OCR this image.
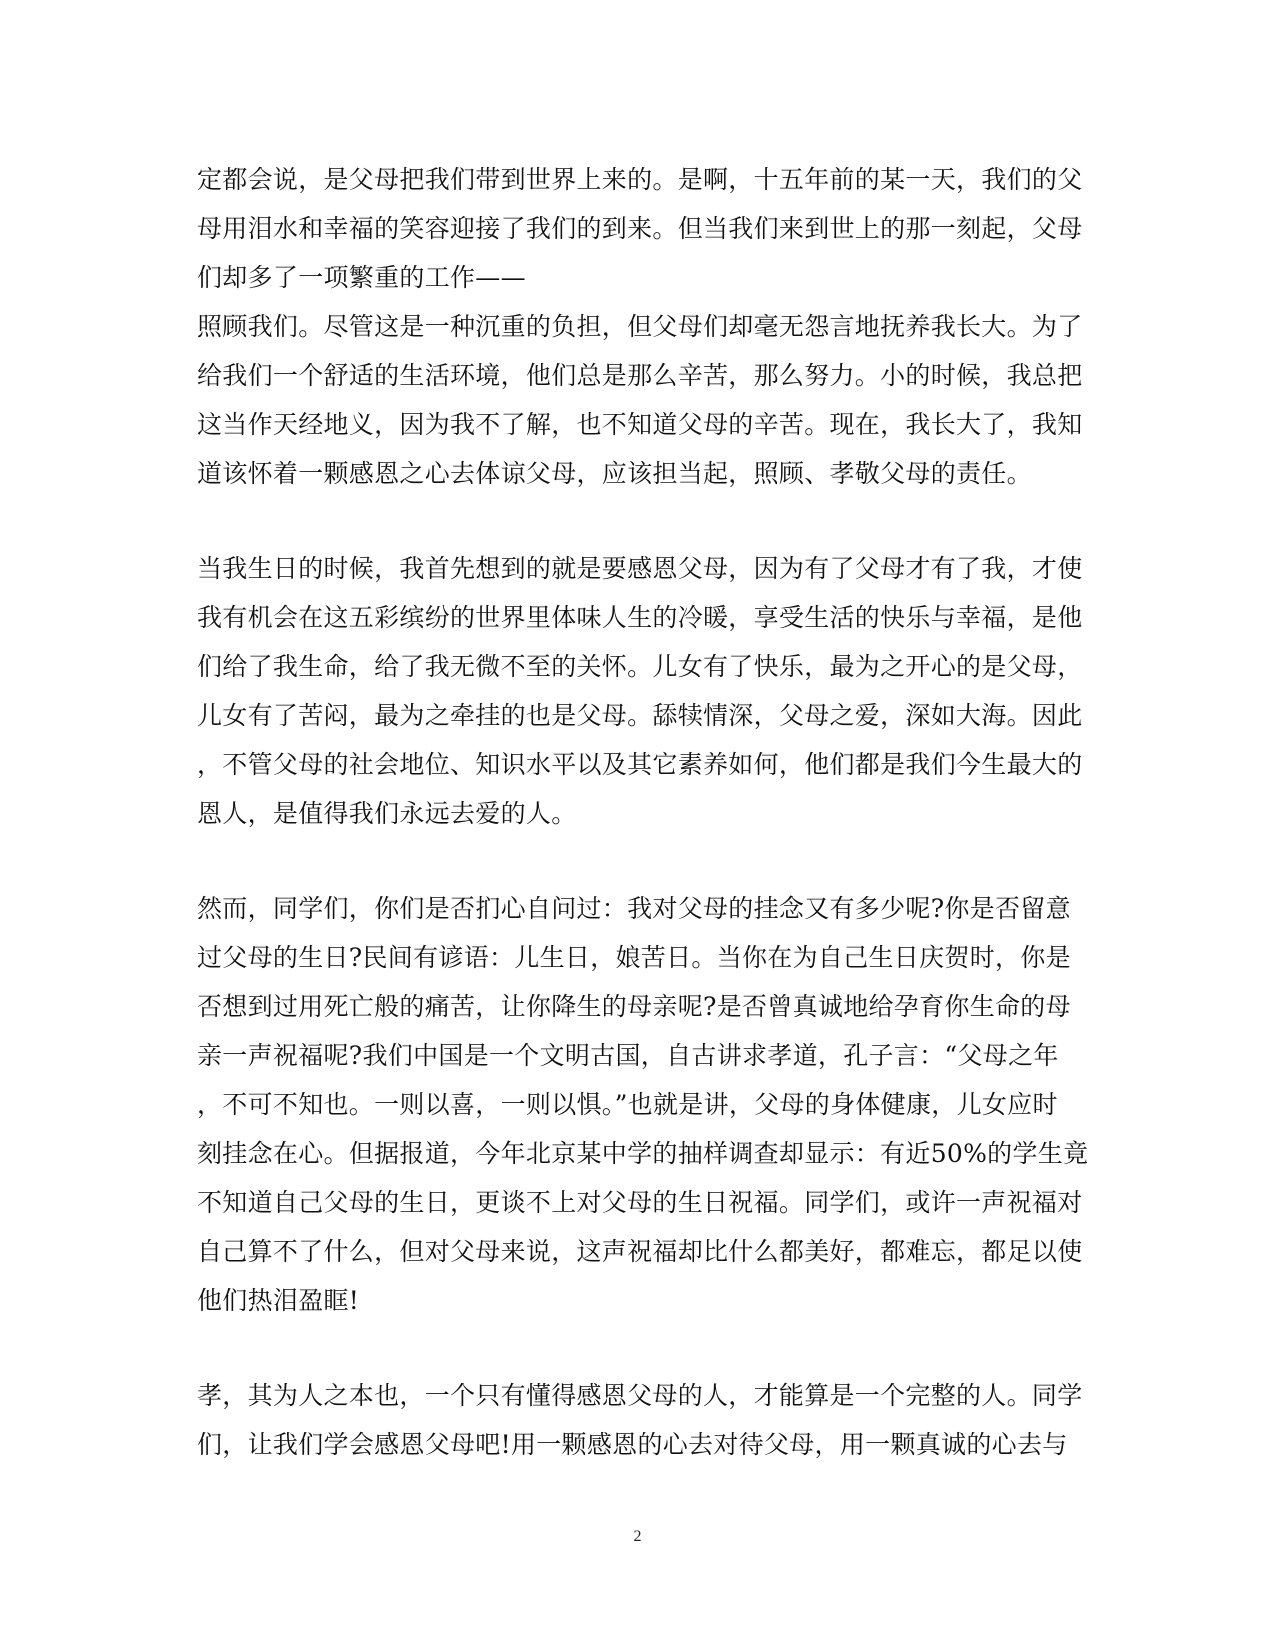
定都会说，是父母把我们带到世界上来的。是啊，十五年前的某一天，我们的父
母用泪水和幸福的笑容迎接了我们的到来。但当我们来到世上的那一刻起，父母
们却多了一项繁重的工作——
照顾我们。尽管这是一种沉重的负担，但父母们却毫无怨言地抚养我长大。为了
给我们一个舒适的生活环境，他们总是那么辛苦，那么努力。小的时候，我总把
这当作天经地义，因为我不了解，也不知道父母的辛苦。现在，我长大了，我知
道该怀着一颗感恩之心去体谅父母，应该担当起，照顾、孝敬父母的责任。
当我生日的时候，我首先想到的就是要感恩父母，因为有了父母才有了我，才使
我有机会在这五彩缤纷的世界里体味人生的冷暖，享受生活的快乐与幸福，是他
们给了我生命，给了我无微不至的关怀。儿女有了快乐，最为之开心的是父母，
儿女有了苦闷，最为之牵挂的也是父母。舔犊情深，父母之爱，深如大海。因此
，不管父母的社会地位、知识水平以及其它素养如何，他们都是我们今生最大的
恩人，是值得我们永远去爱的人。
然而，同学们，你们是否扪心自问过：我对父母的挂念又有多少呢?你是否留意
过父母的生日?民间有谚语：儿生日，娘苦日。当你在为自己生日庆贺时，你是
否想到过用死亡般的痛苦，让你降生的母亲呢?是否曾真诚地给孕育你生命的母
亲一声祝福呢?我们中国是一个文明古国，自古讲求孝道，孔子言：“父母之年
，不可不知也。一则以喜，一则以惧。”也就是讲，父母的身体健康，儿女应时
刻挂念在心。但据报道，今年北京某中学的抽样调查却显示：有近50%的学生竟
不知道自己父母的生日，更谈不上对父母的生日祝福。同学们，或许一声祝福对
自己算不了什么，但对父母来说，这声祝福却比什么都美好，都难忘，都足以使
他们热泪盈眶!
孝，其为人之本也，一个只有懂得感恩父母的人，才能算是一个完整的人。同学
们，让我们学会感恩父母吧!用一颗感恩的心去对待父母，用一颗真诚的心去与
2
